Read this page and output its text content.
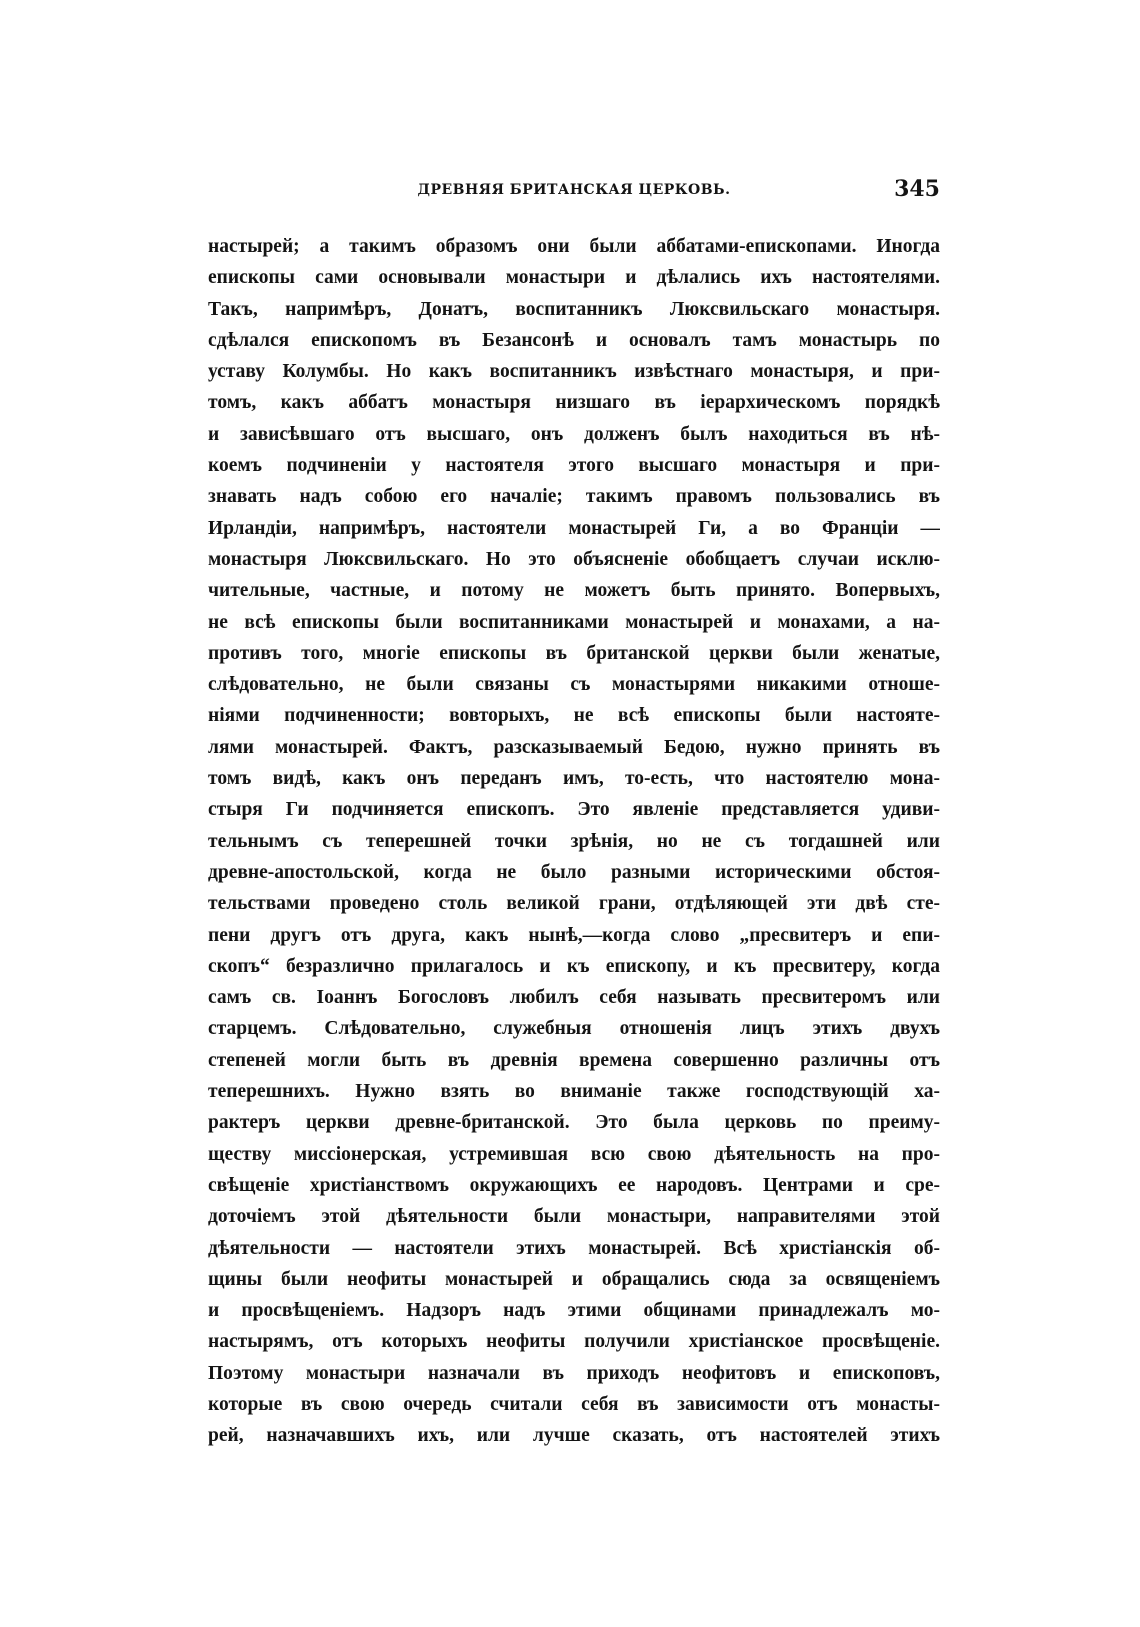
ДРЕВНЯЯ БРИТАНСКАЯ ЦЕРКОВЬ.	345
настырей; а такимъ образомъ они были аббатами-епископами. Иногда
епископы сами основывали монастыри и дѣлались ихъ настоятелями.
Такъ, напримѣръ, Донатъ, воспитанникъ Люксвильскаго монастыря.
сдѣлался епископомъ въ Безансонѣ и основалъ тамъ монастырь по
уставу Колумбы. Но какъ воспитанникъ извѣстнаго монастыря, и при-
томъ, какъ аббатъ монастыря низшаго въ іерархическомъ порядкѣ
и зависѣвшаго отъ высшаго, онъ долженъ былъ находиться въ нѣ-
коемъ подчиненіи у настоятеля этого высшаго монастыря и при-
знавать надъ собою его началіе; такимъ правомъ пользовались въ
Ирландіи, напримѣръ, настоятели монастырей Ги, а во Франціи —
монастыря Люксвильскаго. Но это объясненіе обобщаетъ случаи исклю-
чительные, частные, и потому не можетъ быть принято. Вопервыхъ,
не всѣ епископы были воспитанниками монастырей и монахами, а на-
противъ того, многіе епископы въ британской церкви были женатые,
слѣдовательно, не были связаны съ монастырями никакими отноше-
ніями подчиненности; вовторыхъ, не всѣ епископы были настояте-
лями монастырей. Фактъ, разсказываемый Бедою, нужно принять въ
томъ видѣ, какъ онъ переданъ имъ, то-есть, что настоятелю мона-
стыря Ги подчиняется епископъ. Это явленіе представляется удиви-
тельнымъ съ теперешней точки зрѣнія, но не съ тогдашней или
древне-апостольской, когда не было разными историческими обстоя-
тельствами проведено столь великой грани, отдѣляющей эти двѣ сте-
пени другъ отъ друга, какъ нынѣ,—когда слово „пресвитеръ и епи-
скопъ“ безразлично прилагалось и къ епископу, и къ пресвитеру, когда
самъ св. Іоаннъ Богословъ любилъ себя называть пресвитеромъ или
старцемъ. Слѣдовательно, служебныя отношенія лицъ этихъ двухъ
степеней могли быть въ древнія времена совершенно различны отъ
теперешнихъ. Нужно взять во вниманіе также господствующій ха-
рактеръ церкви древне-британской. Это была церковь по преиму-
ществу миссіонерская, устремившая всю свою дѣятельность на про-
свѣщеніе христіанствомъ окружающихъ ее народовъ. Центрами и сре-
доточіемъ этой дѣятельности были монастыри, направителями этой
дѣятельности — настоятели этихъ монастырей. Всѣ христіанскія об-
щины были неофиты монастырей и обращались сюда за освященіемъ
и просвѣщеніемъ. Надзоръ надъ этими общинами принадлежалъ мо-
настырямъ, отъ которыхъ неофиты получили христіанское просвѣщеніе.
Поэтому монастыри назначали въ приходъ неофитовъ и епископовъ,
которые въ свою очередь считали себя въ зависимости отъ монасты-
рей, назначавшихъ ихъ, или лучше сказать, отъ настоятелей этихъ
